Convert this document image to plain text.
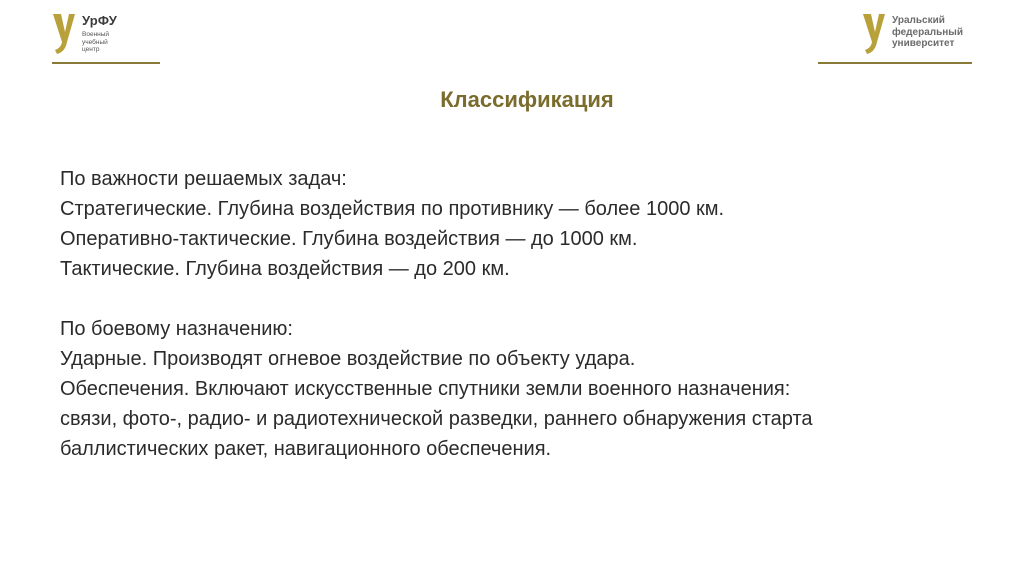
УрФУ
Военный
учебный
центр
Уральский
федеральный
университет
Классификация

По важности решаемых задач:

Стратегические. Глубина воздействия по противнику — более 1000 км.

Оперативно-тактические. Глубина воздействия — до 1000 км.

Тактические. Глубина воздействия — до 200 км.

По боевому назначению:

Ударные. Производят огневое воздействие по объекту удара.

Обеспечения. Включают искусственные спутники земли военного назначения:

связи, фото-, радио- и радиотехнической разведки, раннего обнаружения старта

баллистических ракет, навигационного обеспечения.
